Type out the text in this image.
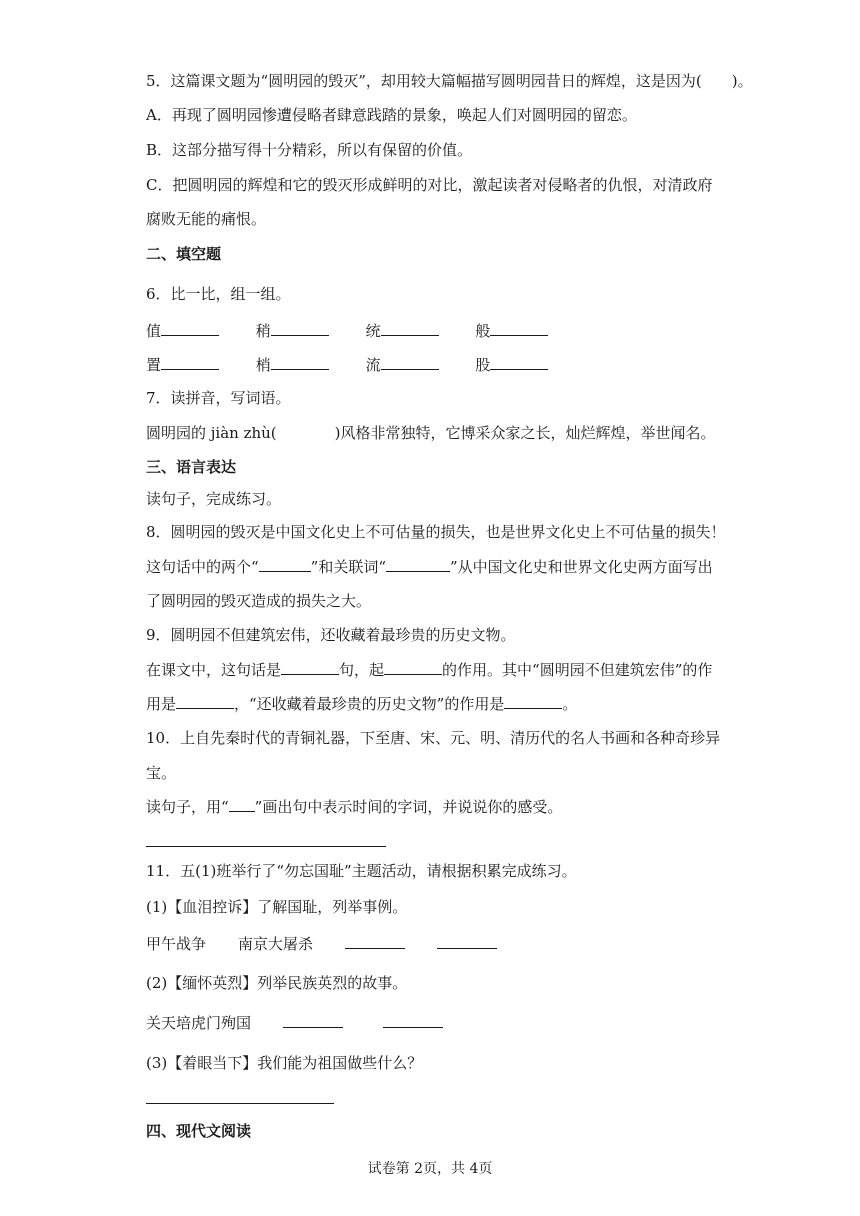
5．这篇课文题为“圆明园的毁灭”，却用较大篇幅描写圆明园昔日的辉煌，这是因为( )。
A．再现了圆明园惨遭侵略者肆意践踏的景象，唤起人们对圆明园的留恋。
B．这部分描写得十分精彩，所以有保留的价值。
C．把圆明园的辉煌和它的毁灭形成鲜明的对比，激起读者对侵略者的仇恨，对清政府
腐败无能的痛恨。
二、填空题
6．比一比，组一组。
值	稍	统	般
置	梢	流	股
7．读拼音，写词语。
圆明园的 jiàn zhù(	)风格非常独特，它博采众家之长，灿烂辉煌，举世闻名。
三、语言表达
读句子，完成练习。
8．圆明园的毁灭是中国文化史上不可估量的损失，也是世界文化史上不可估量的损失！
这句话中的两个“	”和关联词“	”从中国文化史和世界文化史两方面写出
了圆明园的毁灭造成的损失之大。
9．圆明园不但建筑宏伟，还收藏着最珍贵的历史文物。
在课文中，这句话是	句，起	的作用。其中“圆明园不但建筑宏伟”的作
用是	，“还收藏着最珍贵的历史文物”的作用是	。
10．上自先秦时代的青铜礼器，下至唐、宋、元、明、清历代的名人书画和各种奇珍异
宝。
读句子，用“ ”画出句中表示时间的字词，并说说你的感受。
11．五(1)班举行了“勿忘国耻”主题活动，请根据积累完成练习。
(1)【血泪控诉】了解国耻，列举事例。
甲午战争 南京大屠杀
(2)【缅怀英烈】列举民族英烈的故事。
关天培虎门殉国
(3)【着眼当下】我们能为祖国做些什么？
四、现代文阅读
试卷第 2页，共 4页
